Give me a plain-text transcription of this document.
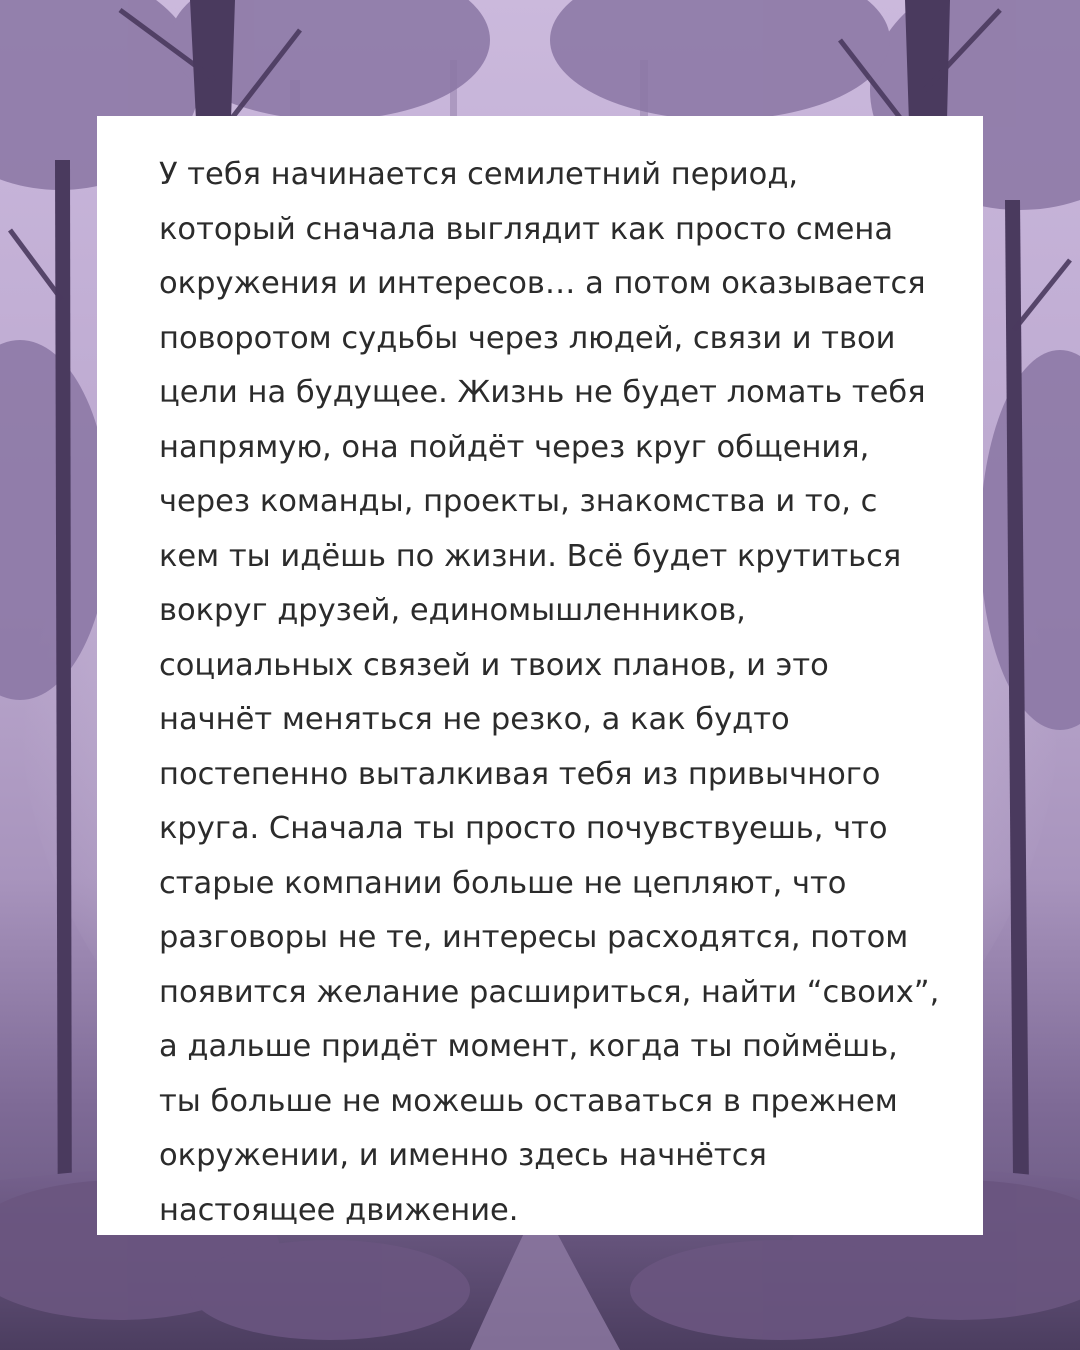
У тебя начинается семилетний период,
который сначала выглядит как просто смена
окружения и интересов… а потом оказывается
поворотом судьбы через людей, связи и твои
цели на будущее. Жизнь не будет ломать тебя
напрямую, она пойдёт через круг общения,
через команды, проекты, знакомства и то, с
кем ты идёшь по жизни. Всё будет крутиться
вокруг друзей, единомышленников,
социальных связей и твоих планов, и это
начнёт меняться не резко, а как будто
постепенно выталкивая тебя из привычного
круга. Сначала ты просто почувствуешь, что
старые компании больше не цепляют, что
разговоры не те, интересы расходятся, потом
появится желание расшириться, найти “своих”,
а дальше придёт момент, когда ты поймёшь,
ты больше не можешь оставаться в прежнем
окружении, и именно здесь начнётся
настоящее движение.
